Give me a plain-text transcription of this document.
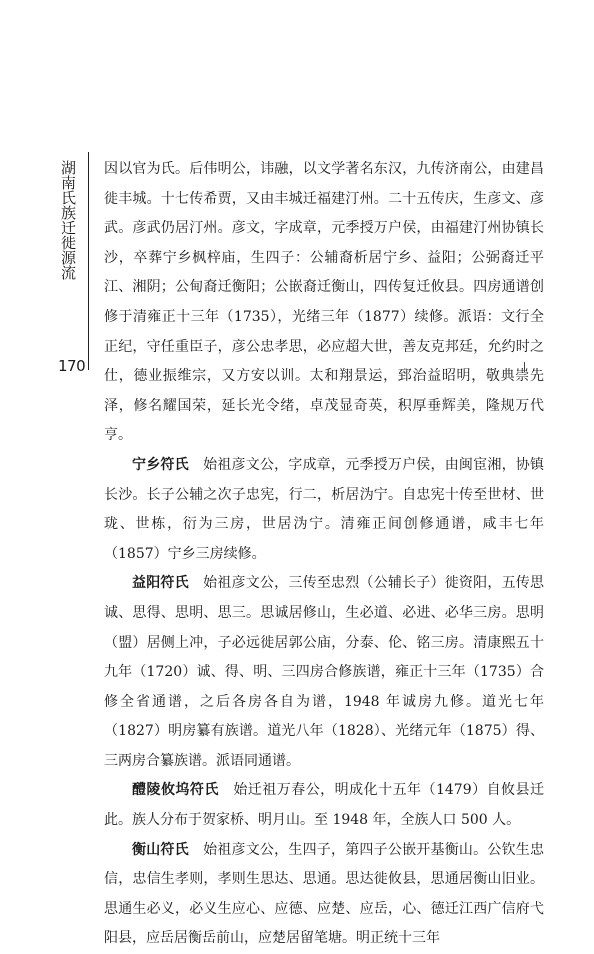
湖南氏族迁徙源流
170

因以官为氏。后伟明公，讳融，以文学著名东汉，九传济南公，由建昌徙丰城。十七传希贾，又由丰城迁福建汀州。二十五传庆，生彦文、彦武。彦武仍居汀州。彦文，字成章，元季授万户侯，由福建汀州协镇长沙，卒葬宁乡枫梓庙，生四子：公辅裔析居宁乡、益阳；公弼裔迁平江、湘阴；公甸裔迁衡阳；公嵌裔迁衡山，四传复迁攸县。四房通谱创修于清雍正十三年（1735），光绪三年（1877）续修。派语：文行全正纪，守任重臣子，彦公忠孝思，必应超大世，善友克邦廷，允约时之仕，德业振维宗，又方安以训。太和翔景运，郅治益昭明，敬典崇先泽，修名耀国荣，延长光令绪，卓茂显奇英，积厚垂辉美，隆规万代亨。

宁乡符氏  始祖彦文公，字成章，元季授万户侯，由闽宦湘，协镇长沙。长子公辅之次子忠宪，行二，析居沩宁。自忠宪十传至世材、世珑、世栋，衍为三房，世居沩宁。清雍正间创修通谱，咸丰七年（1857）宁乡三房续修。

益阳符氏  始祖彦文公，三传至忠烈（公辅长子）徙资阳，五传思诚、思得、思明、思三。思诚居修山，生必道、必进、必华三房。思明（盟）居侧上冲，子必远徙居郭公庙，分泰、伦、铭三房。清康熙五十九年（1720）诚、得、明、三四房合修族谱，雍正十三年（1735）合修全省通谱，之后各房各自为谱，1948 年诚房九修。道光七年（1827）明房纂有族谱。道光八年（1828）、光绪元年（1875）得、三两房合纂族谱。派语同通谱。

醴陵攸坞符氏  始迁祖万春公，明成化十五年（1479）自攸县迁此。族人分布于贺家桥、明月山。至 1948 年，全族人口 500 人。

衡山符氏  始祖彦文公，生四子，第四子公嵌开基衡山。公钦生忠信，忠信生孝则，孝则生思达、思通。思达徙攸县，思通居衡山旧业。思通生必义，必义生应心、应德、应楚、应岳，心、德迁江西广信府弋阳县，应岳居衡岳前山，应楚居留笔塘。明正统十三年
